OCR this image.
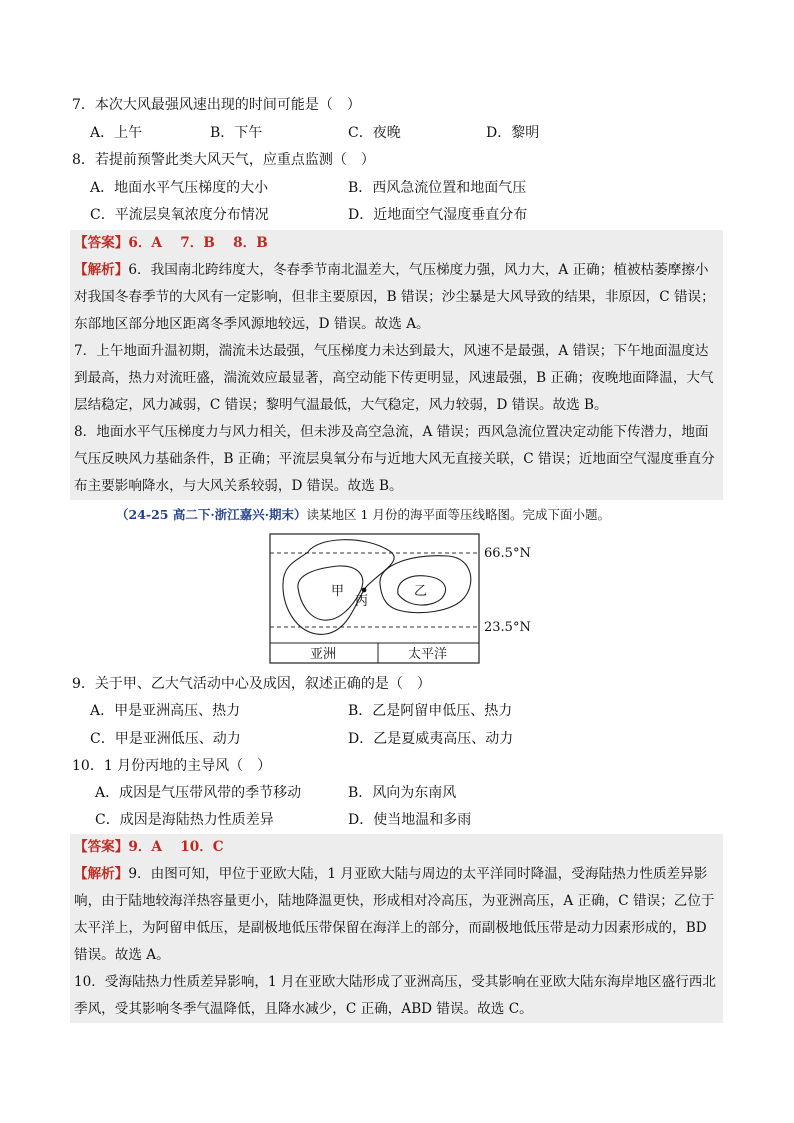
7．本次大风最强风速出现的时间可能是（　）
A．上午	B．下午	C．夜晚	D．黎明
8．若提前预警此类大风天气，应重点监测（　）
A．地面水平气压梯度的大小	B．西风急流位置和地面气压
C．平流层臭氧浓度分布情况	D．近地面空气湿度垂直分布
【答案】6．A　 7．B　 8．B
【解析】6．我国南北跨纬度大，冬春季节南北温差大，气压梯度力强，风力大，A 正确；植被枯萎摩擦小
对我国冬春季节的大风有一定影响，但非主要原因，B 错误；沙尘暴是大风导致的结果，非原因，C 错误；
东部地区部分地区距离冬季风源地较远，D 错误。故选 A。
7．上午地面升温初期，湍流未达最强，气压梯度力未达到最大，风速不是最强，A 错误；下午地面温度达
到最高，热力对流旺盛，湍流效应最显著，高空动能下传更明显，风速最强，B 正确；夜晚地面降温，大气
层结稳定，风力减弱，C 错误；黎明气温最低，大气稳定，风力较弱，D 错误。故选 B。
8．地面水平气压梯度力与风力相关，但未涉及高空急流，A 错误；西风急流位置决定动能下传潜力，地面
气压反映风力基础条件，B 正确；平流层臭氧分布与近地大风无直接关联，C 错误；近地面空气湿度垂直分
布主要影响降水，与大风关系较弱，D 错误。故选 B。
（24-25 高二下·浙江嘉兴·期末）读某地区 1 月份的海平面等压线略图。完成下面小题。
66.5°N
23.5°N
甲	乙
丙
亚洲	太平洋
9．关于甲、乙大气活动中心及成因，叙述正确的是（　）
A．甲是亚洲高压、热力	B．乙是阿留申低压、热力
C．甲是亚洲低压、动力	D．乙是夏威夷高压、动力
10．1 月份丙地的主导风（　）
A．成因是气压带风带的季节移动	B．风向为东南风
C．成因是海陆热力性质差异	D．使当地温和多雨
【答案】9．A　 10．C
【解析】9．由图可知，甲位于亚欧大陆，1 月亚欧大陆与周边的太平洋同时降温，受海陆热力性质差异影
响，由于陆地较海洋热容量更小，陆地降温更快，形成相对冷高压，为亚洲高压，A 正确，C 错误；乙位于
太平洋上，为阿留申低压，是副极地低压带保留在海洋上的部分，而副极地低压带是动力因素形成的，BD
错误。故选 A。
10．受海陆热力性质差异影响，1 月在亚欧大陆形成了亚洲高压，受其影响在亚欧大陆东海岸地区盛行西北
季风，受其影响冬季气温降低，且降水减少，C 正确，ABD 错误。故选 C。
